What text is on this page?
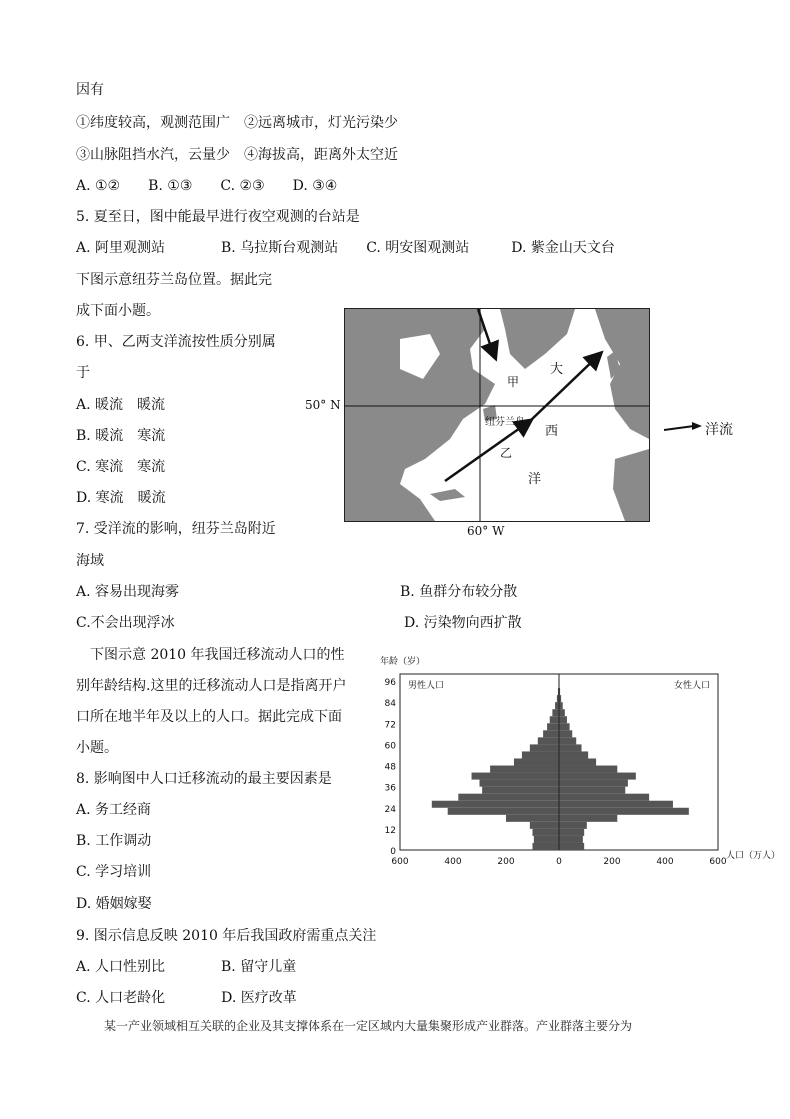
因有
①纬度较高，观测范围广　②远离城市，灯光污染少
③山脉阻挡水汽，云量少　④海拔高，距离外太空近
A. ①②　　B. ①③　　C. ②③　　D. ③④
5. 夏至日，图中能最早进行夜空观测的台站是
A. 阿里观测站　　　　B. 乌拉斯台观测站　　C. 明安图观测站　　　D. 紫金山天文台
下图示意纽芬兰岛位置。据此完
成下面小题。
6. 甲、乙两支洋流按性质分别属
于
A. 暖流　暖流
B. 暖流　寒流
C. 寒流　寒流
D. 寒流　暖流
7. 受洋流的影响，纽芬兰岛附近
海域
A. 容易出现海雾	B. 鱼群分布较分散
C.不会出现浮冰	D. 污染物向西扩散
　下图示意 2010 年我国迁移流动人口的性
别年龄结构.这里的迁移流动人口是指离开户
口所在地半年及以上的人口。据此完成下面
小题。
8. 影响图中人口迁移流动的最主要因素是
A. 务工经商
B. 工作调动
C. 学习培训
D. 婚姻嫁娶
9. 图示信息反映 2010 年后我国政府需重点关注
A. 人口性别比　　　　B. 留守儿童
C. 人口老龄化　　　　D. 医疗改革
某一产业领域相互关联的企业及其支撑体系在一定区域内大量集聚形成产业群落。产业群落主要分为
甲
乙
纽芬兰岛
大
西
洋
50° N
60° W
洋流
0
12
24
36
48
60
72
84
96
600	400	200	0	200	400	600
年龄（岁）
人口（万人）
男性人口	女性人口
